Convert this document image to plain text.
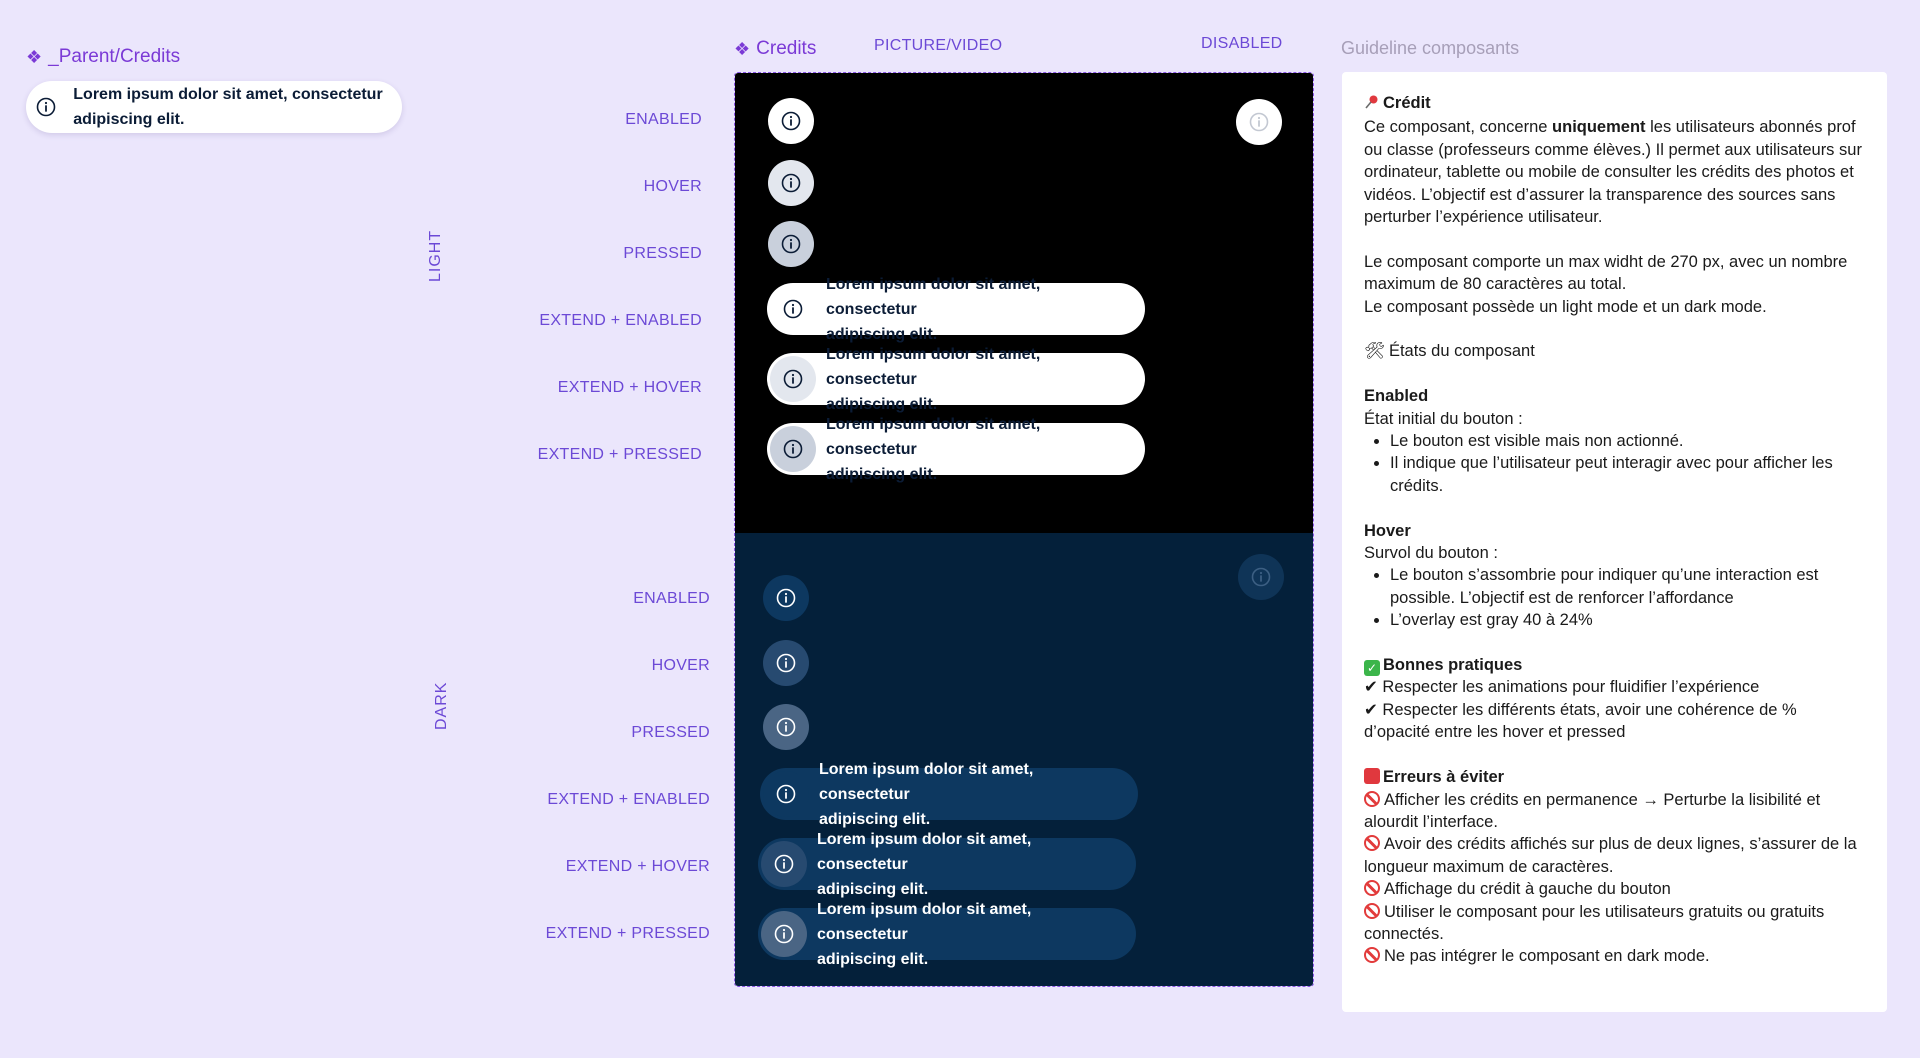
❖ _Parent/Credits
Lorem ipsum dolor sit amet, consectetur adipiscing elit.
❖ Credits	PICTURE/VIDEO	DISABLED
LIGHT
DARK
ENABLED
HOVER
PRESSED
EXTEND + ENABLED
EXTEND + HOVER
EXTEND + PRESSED
ENABLED
HOVER
PRESSED
EXTEND + ENABLED
EXTEND + HOVER
EXTEND + PRESSED
Lorem ipsum dolor sit amet, consectetur
adipiscing elit.
Lorem ipsum dolor sit amet, consectetur
adipiscing elit.
Lorem ipsum dolor sit amet, consectetur
adipiscing elit.
Lorem ipsum dolor sit amet, consectetur
adipiscing elit.
Lorem ipsum dolor sit amet, consectetur
adipiscing elit.
Lorem ipsum dolor sit amet, consectetur
adipiscing elit.
Guideline composants

Crédit

Ce composant, concerne uniquement les utilisateurs abonnés prof ou classe (professeurs comme élèves.) Il permet aux utilisateurs sur ordinateur, tablette ou mobile de consulter les crédits des photos et vidéos. L’objectif est d’assurer la transparence des sources sans perturber l’expérience utilisateur.

Le composant comporte un max widht de 270 px, avec un nombre maximum de 80 caractères au total.

Le composant possède un light mode et un dark mode.

🛠 États du composant

Enabled

État initial du bouton :

• Le bouton est visible mais non actionné.
• Il indique que l’utilisateur peut interagir avec pour afficher les crédits.

Hover

Survol du bouton :

• Le bouton s’assombrie pour indiquer qu’une interaction est possible. L’objectif est de renforcer l’affordance
• L’overlay est gray 40 à 24%

✓ Bonnes pratiques

✔ Respecter les animations pour fluidifier l’expérience

✔ Respecter les différents états, avoir une cohérence de % d’opacité entre les hover et pressed

Erreurs à éviter

Afficher les crédits en permanence → Perturbe la lisibilité et alourdit l’interface.

Avoir des crédits affichés sur plus de deux lignes, s’assurer de la longueur maximum de caractères.

Affichage du crédit à gauche du bouton

Utiliser le composant pour les utilisateurs gratuits ou gratuits connectés.

Ne pas intégrer le composant en dark mode.
